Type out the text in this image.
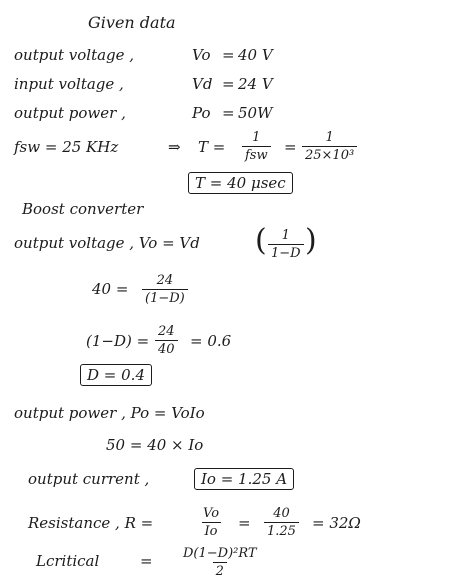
Given data
output voltage ,	Vo = 40 V
input voltage ,	Vd = 24 V
output power ,	Po = 50W
fsw = 25 KHz	⇒ T =
1
fsw = $\frac{1}{\text{25×10³}}$
T = 40 μsec
Boost converter
output voltage , Vo = Vd ( $\frac{1}{1-D}$ )
$40 = \frac{24}{(1-D)}$
$(1-D) = \frac{24}{40} = 0.6$
D = 0.4
output power , Po = VoIo
50 = 40 × Io
output current ,	Io = 1.25 A
Resistance , R =	$\frac{Vo}{Io} = \frac{40}{1.25} = 32\Omega$
Lcritical	= $\frac{\text{D(1−D)²RT}}{2}$
